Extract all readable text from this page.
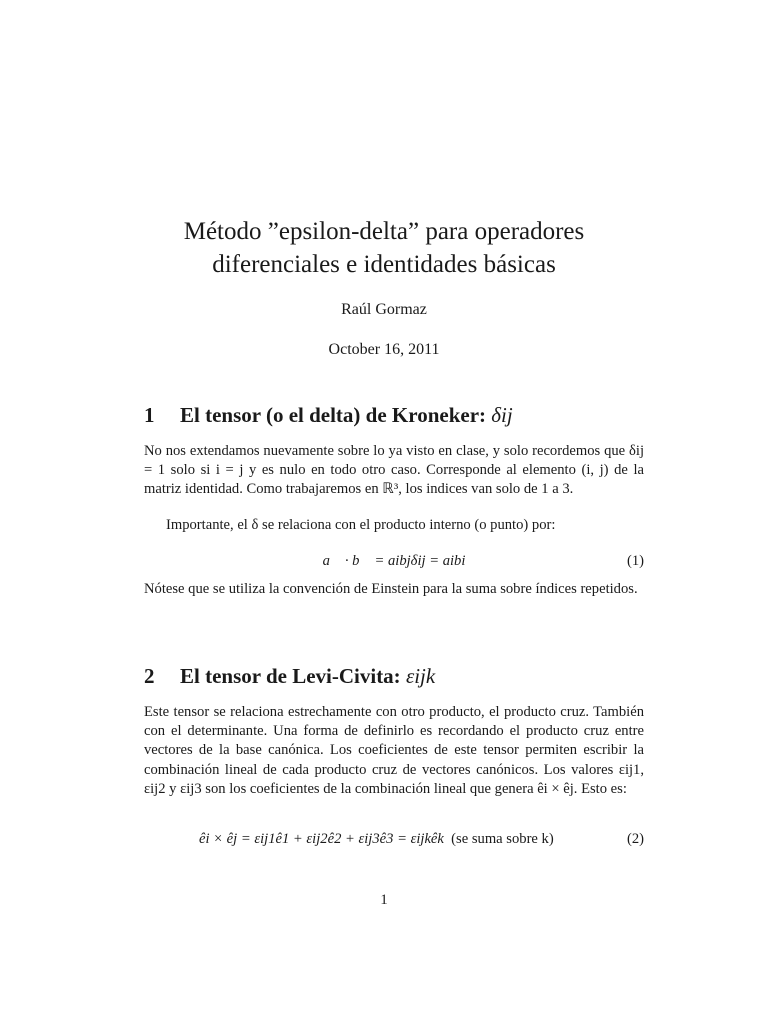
Método ”epsilon-delta” para operadores
diferenciales e identidades básicas
Raúl Gormaz
October 16, 2011
1 El tensor (o el delta) de Kroneker: δij
No nos extendamos nuevamente sobre lo ya visto en clase, y solo recordemos que δij = 1 solo si i = j y es nulo en todo otro caso. Corresponde al elemento (i, j) de la matriz identidad. Como trabajaremos en ℝ³, los indices van solo de 1 a 3.
Importante, el δ se relaciona con el producto interno (o punto) por:
a⃗ · b⃗ = aibjδij = aibi	(1)
Nótese que se utiliza la convención de Einstein para la suma sobre índices repetidos.
2 El tensor de Levi-Civita: εijk
Este tensor se relaciona estrechamente con otro producto, el producto cruz. También con el determinante. Una forma de definirlo es recordando el producto cruz entre vectores de la base canónica. Los coeficientes de este tensor permiten escribir la combinación lineal de cada producto cruz de vectores canónicos. Los valores εij1, εij2 y εij3 son los coeficientes de la combinación lineal que genera êi × êj. Esto es:
êi × êj = εij1ê1 + εij2ê2 + εij3ê3 = εijkêk (se suma sobre k)	(2)
1
